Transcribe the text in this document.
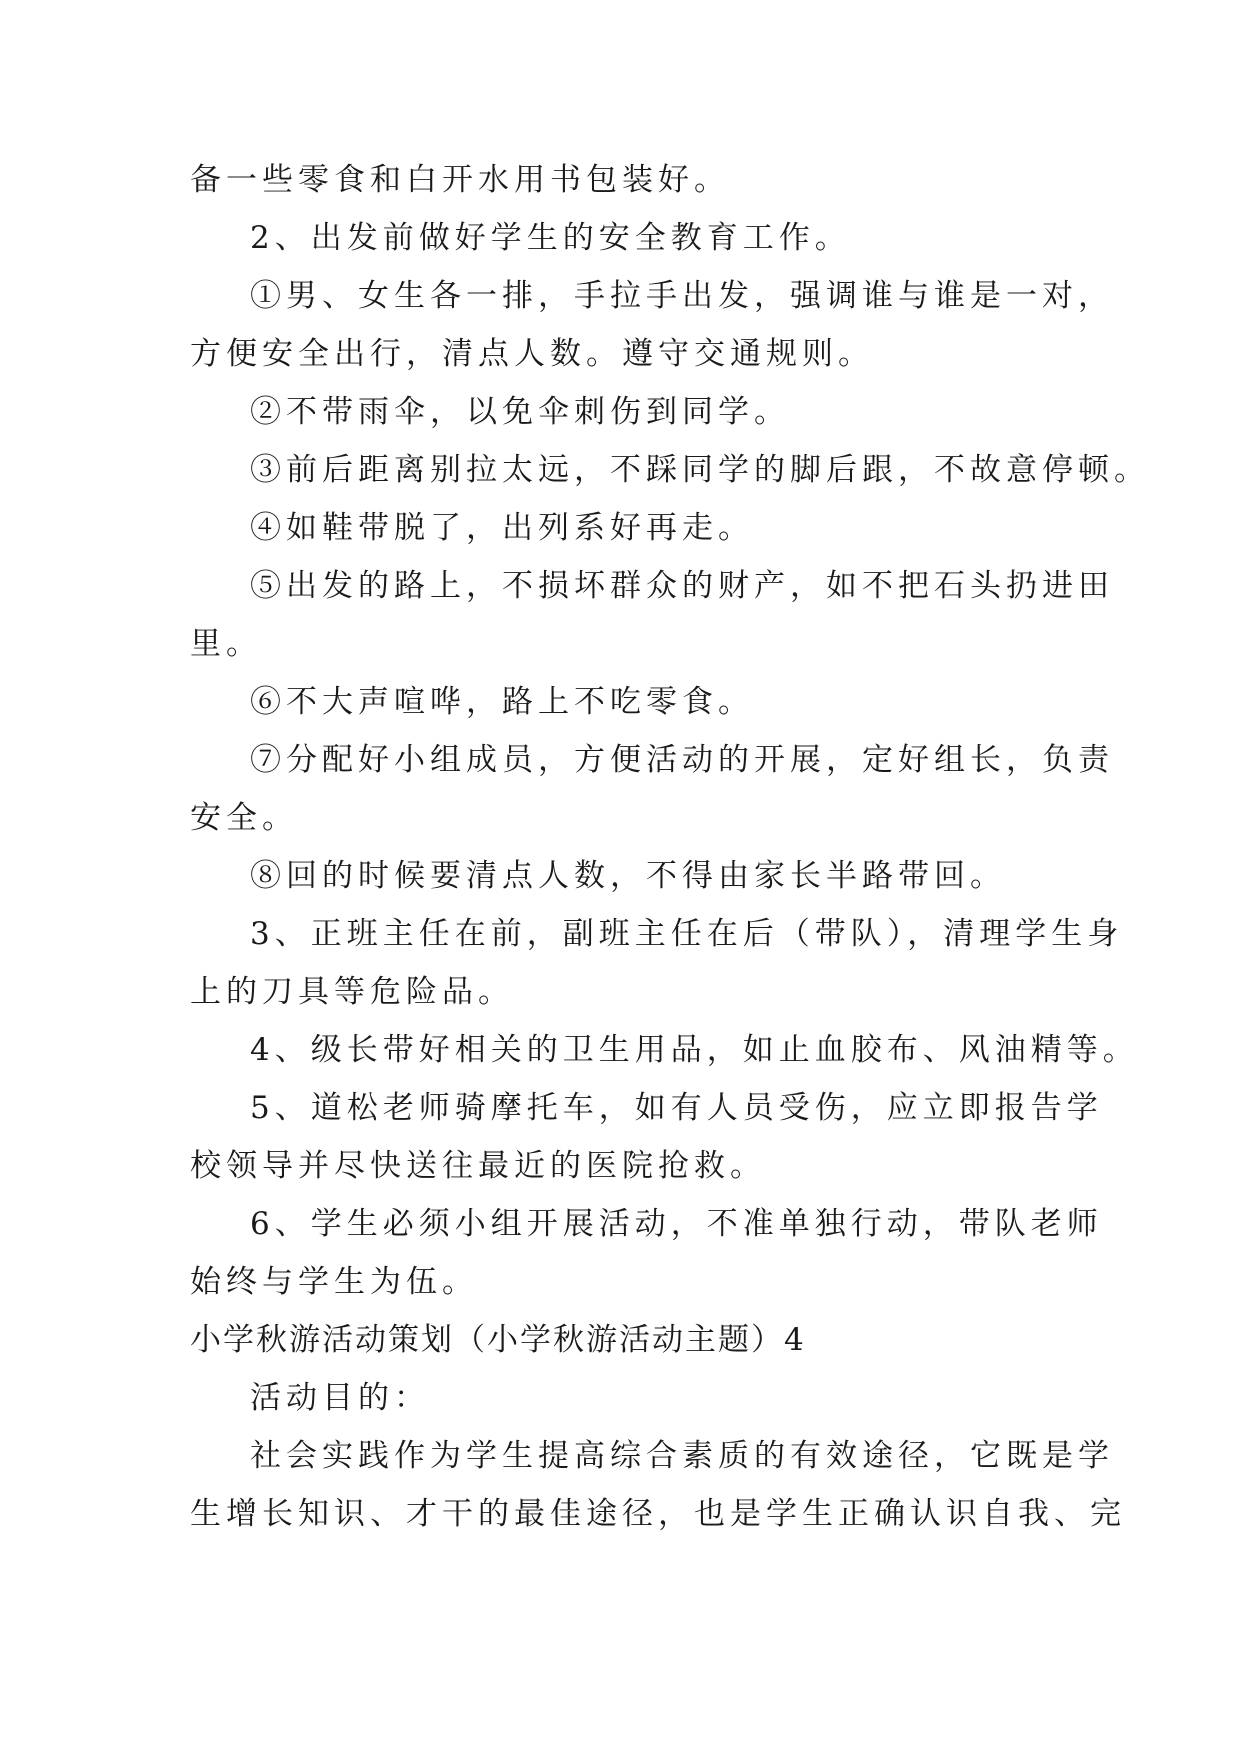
备一些零食和白开水用书包装好。
2、出发前做好学生的安全教育工作。
①男、女生各一排，手拉手出发，强调谁与谁是一对，
方便安全出行，清点人数。遵守交通规则。
②不带雨伞，以免伞刺伤到同学。
③前后距离别拉太远，不踩同学的脚后跟，不故意停顿。
④如鞋带脱了，出列系好再走。
⑤出发的路上，不损坏群众的财产，如不把石头扔进田
里。
⑥不大声喧哗，路上不吃零食。
⑦分配好小组成员，方便活动的开展，定好组长，负责
安全。
⑧回的时候要清点人数，不得由家长半路带回。
3、正班主任在前，副班主任在后（带队），清理学生身
上的刀具等危险品。
4、级长带好相关的卫生用品，如止血胶布、风油精等。
5、道松老师骑摩托车，如有人员受伤，应立即报告学
校领导并尽快送往最近的医院抢救。
6、学生必须小组开展活动，不准单独行动，带队老师
始终与学生为伍。
小学秋游活动策划（小学秋游活动主题）4
活动目的：
社会实践作为学生提高综合素质的有效途径，它既是学
生增长知识、才干的最佳途径，也是学生正确认识自我、完
